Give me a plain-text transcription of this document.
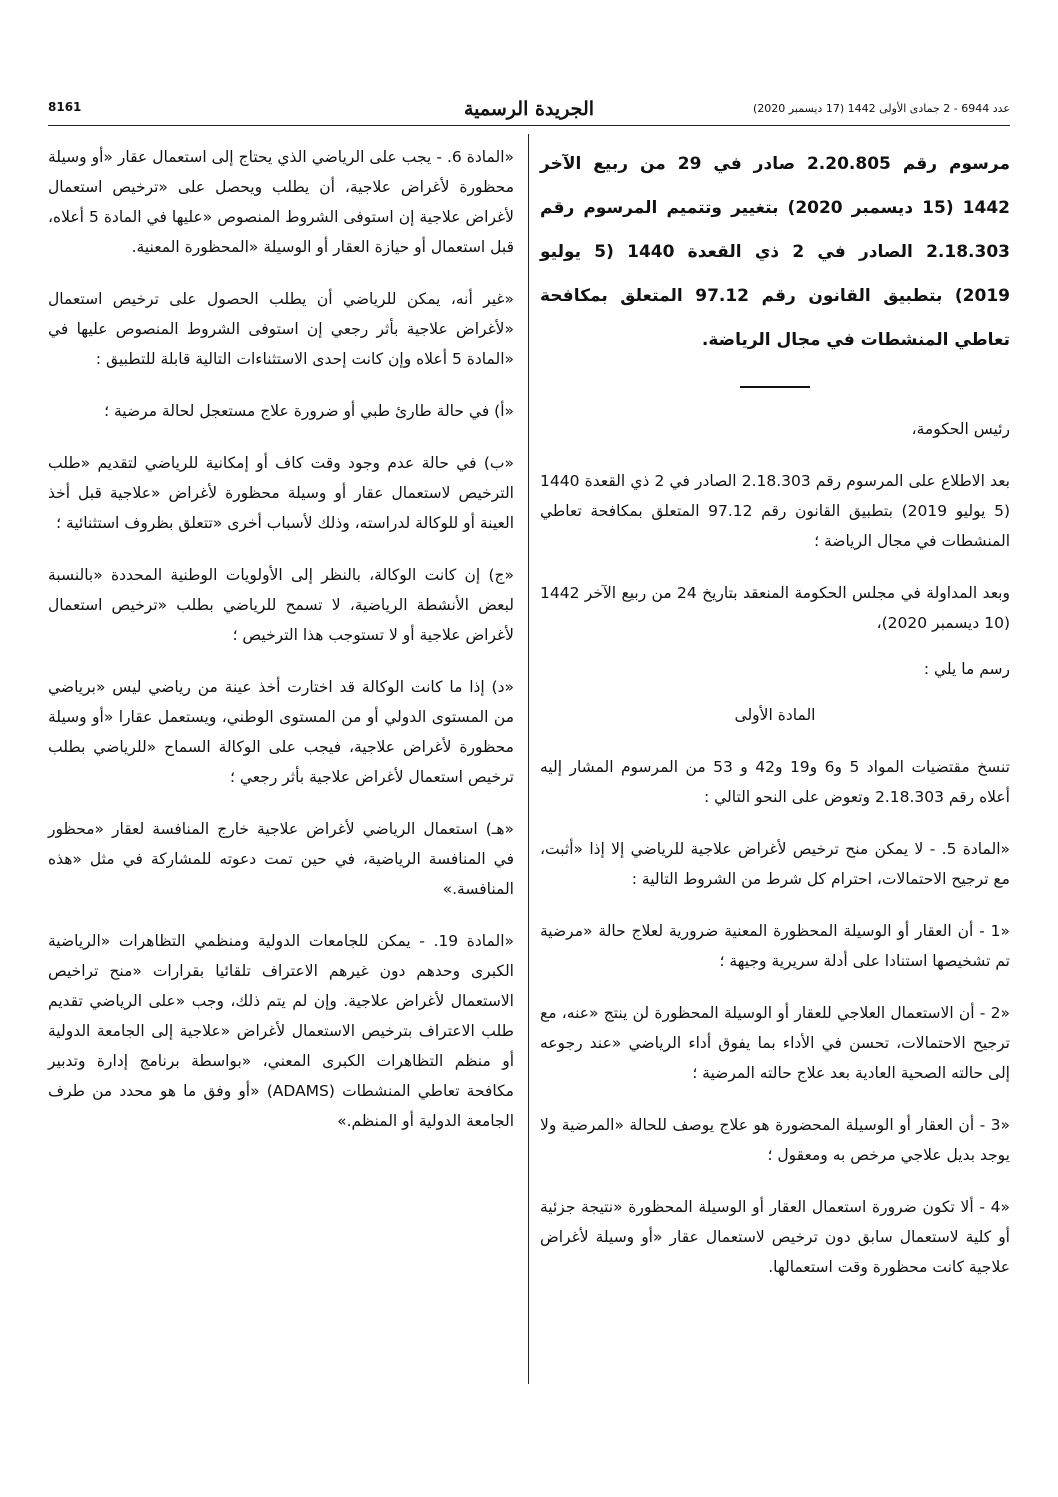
8161	الجريدة الرسمية	عدد 6944 - 2 جمادى الأولى 1442 (17 ديسمبر 2020)

مرسوم رقم 2.20.805 صادر في 29 من ربيع الآخر 1442 (15 ديسمبر 2020) بتغيير وتتميم المرسوم رقم 2.18.303 الصادر في 2 ذي القعدة 1440 (5 يوليو 2019) بتطبيق القانون رقم 97.12 المتعلق بمكافحة تعاطي المنشطات في مجال الرياضة.

رئيس الحكومة،

بعد الاطلاع على المرسوم رقم 2.18.303 الصادر في 2 ذي القعدة 1440 (5 يوليو 2019) بتطبيق القانون رقم 97.12 المتعلق بمكافحة تعاطي المنشطات في مجال الرياضة ؛

وبعد المداولة في مجلس الحكومة المنعقد بتاريخ 24 من ربيع الآخر 1442 (10 ديسمبر 2020)،

رسم ما يلي :

المادة الأولى

تنسخ مقتضيات المواد 5 و6 و19 و42 و 53 من المرسوم المشار إليه أعلاه رقم 2.18.303 وتعوض على النحو التالي :

«المادة 5. - لا يمكن منح ترخيص لأغراض علاجية للرياضي إلا إذا «أثبت، مع ترجيح الاحتمالات، احترام كل شرط من الشروط التالية :

«1 - أن العقار أو الوسيلة المحظورة المعنية ضرورية لعلاج حالة «مرضية تم تشخيصها استنادا على أدلة سريرية وجيهة ؛

«2 - أن الاستعمال العلاجي للعقار أو الوسيلة المحظورة لن ينتج «عنه، مع ترجيح الاحتمالات، تحسن في الأداء بما يفوق أداء الرياضي «عند رجوعه إلى حالته الصحية العادية بعد علاج حالته المرضية ؛

«3 - أن العقار أو الوسيلة المحضورة هو علاج يوصف للحالة «المرضية ولا يوجد بديل علاجي مرخص به ومعقول ؛

«4 - ألا تكون ضرورة استعمال العقار أو الوسيلة المحظورة «نتيجة جزئية أو كلية لاستعمال سابق دون ترخيص لاستعمال عقار «أو وسيلة لأغراض علاجية كانت محظورة وقت استعمالها.

«المادة 6. - يجب على الرياضي الذي يحتاج إلى استعمال عقار «أو وسيلة محظورة لأغراض علاجية، أن يطلب ويحصل على «ترخيص استعمال لأغراض علاجية إن استوفى الشروط المنصوص «عليها في المادة 5 أعلاه، قبل استعمال أو حيازة العقار أو الوسيلة «المحظورة المعنية.

«غير أنه، يمكن للرياضي أن يطلب الحصول على ترخيص استعمال «لأغراض علاجية بأثر رجعي إن استوفى الشروط المنصوص عليها في «المادة 5 أعلاه وإن كانت إحدى الاستثناءات التالية قابلة للتطبيق :

«أ) في حالة طارئ طبي أو ضرورة علاج مستعجل لحالة مرضية ؛

«ب) في حالة عدم وجود وقت كاف أو إمكانية للرياضي لتقديم «طلب الترخيص لاستعمال عقار أو وسيلة محظورة لأغراض «علاجية قبل أخذ العينة أو للوكالة لدراسته، وذلك لأسباب أخرى «تتعلق بظروف استثنائية ؛

«ج) إن كانت الوكالة، بالنظر إلى الأولويات الوطنية المحددة «بالنسبة لبعض الأنشطة الرياضية، لا تسمح للرياضي بطلب «ترخيص استعمال لأغراض علاجية أو لا تستوجب هذا الترخيص ؛

«د) إذا ما كانت الوكالة قد اختارت أخذ عينة من رياضي ليس «برياضي من المستوى الدولي أو من المستوى الوطني، ويستعمل عقارا «أو وسيلة محظورة لأغراض علاجية، فيجب على الوكالة السماح «للرياضي بطلب ترخيص استعمال لأغراض علاجية بأثر رجعي ؛

«هـ) استعمال الرياضي لأغراض علاجية خارج المنافسة لعقار «محظور في المنافسة الرياضية، في حين تمت دعوته للمشاركة في مثل «هذه المنافسة.»

«المادة 19. - يمكن للجامعات الدولية ومنظمي التظاهرات «الرياضية الكبرى وحدهم دون غيرهم الاعتراف تلقائيا بقرارات «منح تراخيص الاستعمال لأغراض علاجية. وإن لم يتم ذلك، وجب «على الرياضي تقديم طلب الاعتراف بترخيص الاستعمال لأغراض «علاجية إلى الجامعة الدولية أو منظم التظاهرات الكبرى المعني، «بواسطة برنامج إدارة وتدبير مكافحة تعاطي المنشطات (ADAMS) «أو وفق ما هو محدد من طرف الجامعة الدولية أو المنظم.»
